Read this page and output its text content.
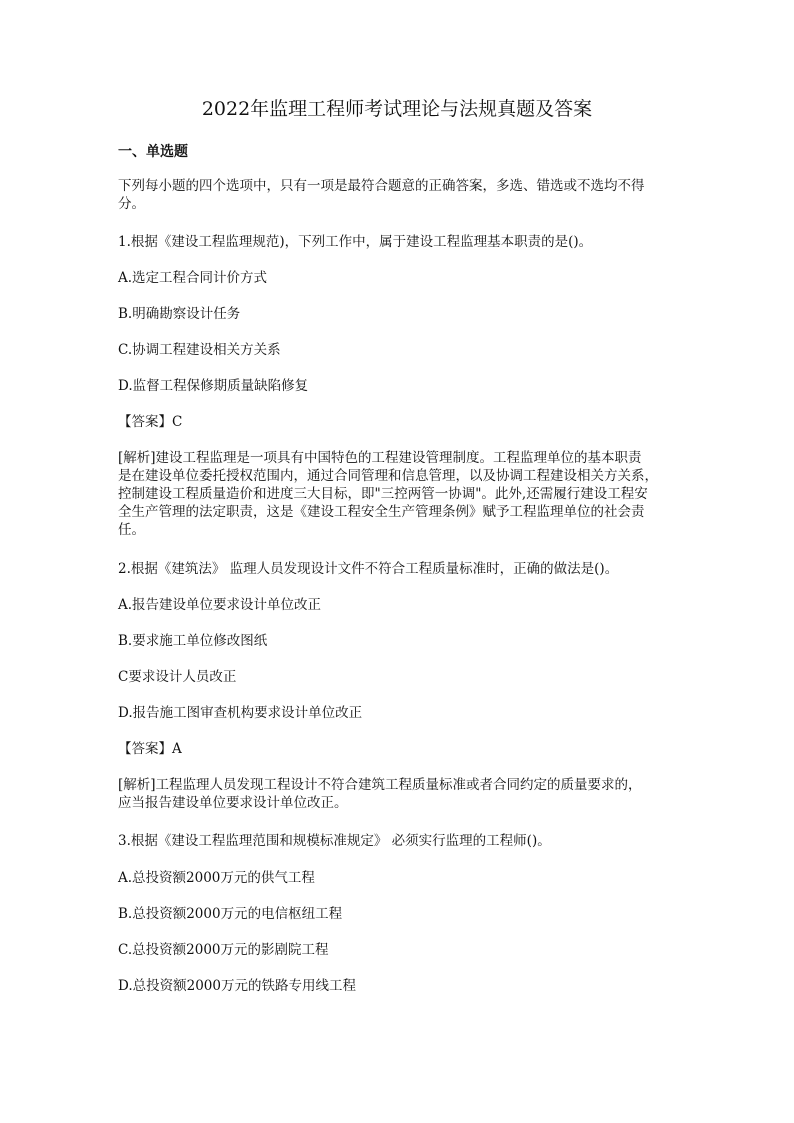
2022年监理工程师考试理论与法规真题及答案

一、单选题

下列每小题的四个选项中，只有一项是最符合题意的正确答案，多选、错选或不选均不得
分。

1.根据《建设工程监理规范)，下列工作中，属于建设工程监理基本职责的是()。

A.选定工程合同计价方式

B.明确勘察设计任务

C.协调工程建设相关方关系

D.监督工程保修期质量缺陷修复

【答案】C

[解析]建设工程监理是一项具有中国特色的工程建设管理制度。工程监理单位的基本职责
是在建设单位委托授权范围内，通过合同管理和信息管理，以及协调工程建设相关方关系，
控制建设工程质量造价和进度三大目标，即"三控两管一协调"。此外,还需履行建设工程安
全生产管理的法定职责，这是《建设工程安全生产管理条例》赋予工程监理单位的社会责
任。

2.根据《建筑法》 监理人员发现设计文件不符合工程质量标准时，正确的做法是()。

A.报告建设单位要求设计单位改正

B.要求施工单位修改图纸

C要求设计人员改正

D.报告施工图审查机构要求设计单位改正

【答案】A

[解析]工程监理人员发现工程设计不符合建筑工程质量标准或者合同约定的质量要求的，
应当报告建设单位要求设计单位改正。

3.根据《建设工程监理范围和规模标准规定》 必须实行监理的工程师()。

A.总投资额2000万元的供气工程

B.总投资额2000万元的电信枢纽工程

C.总投资额2000万元的影剧院工程

D.总投资额2000万元的铁路专用线工程
